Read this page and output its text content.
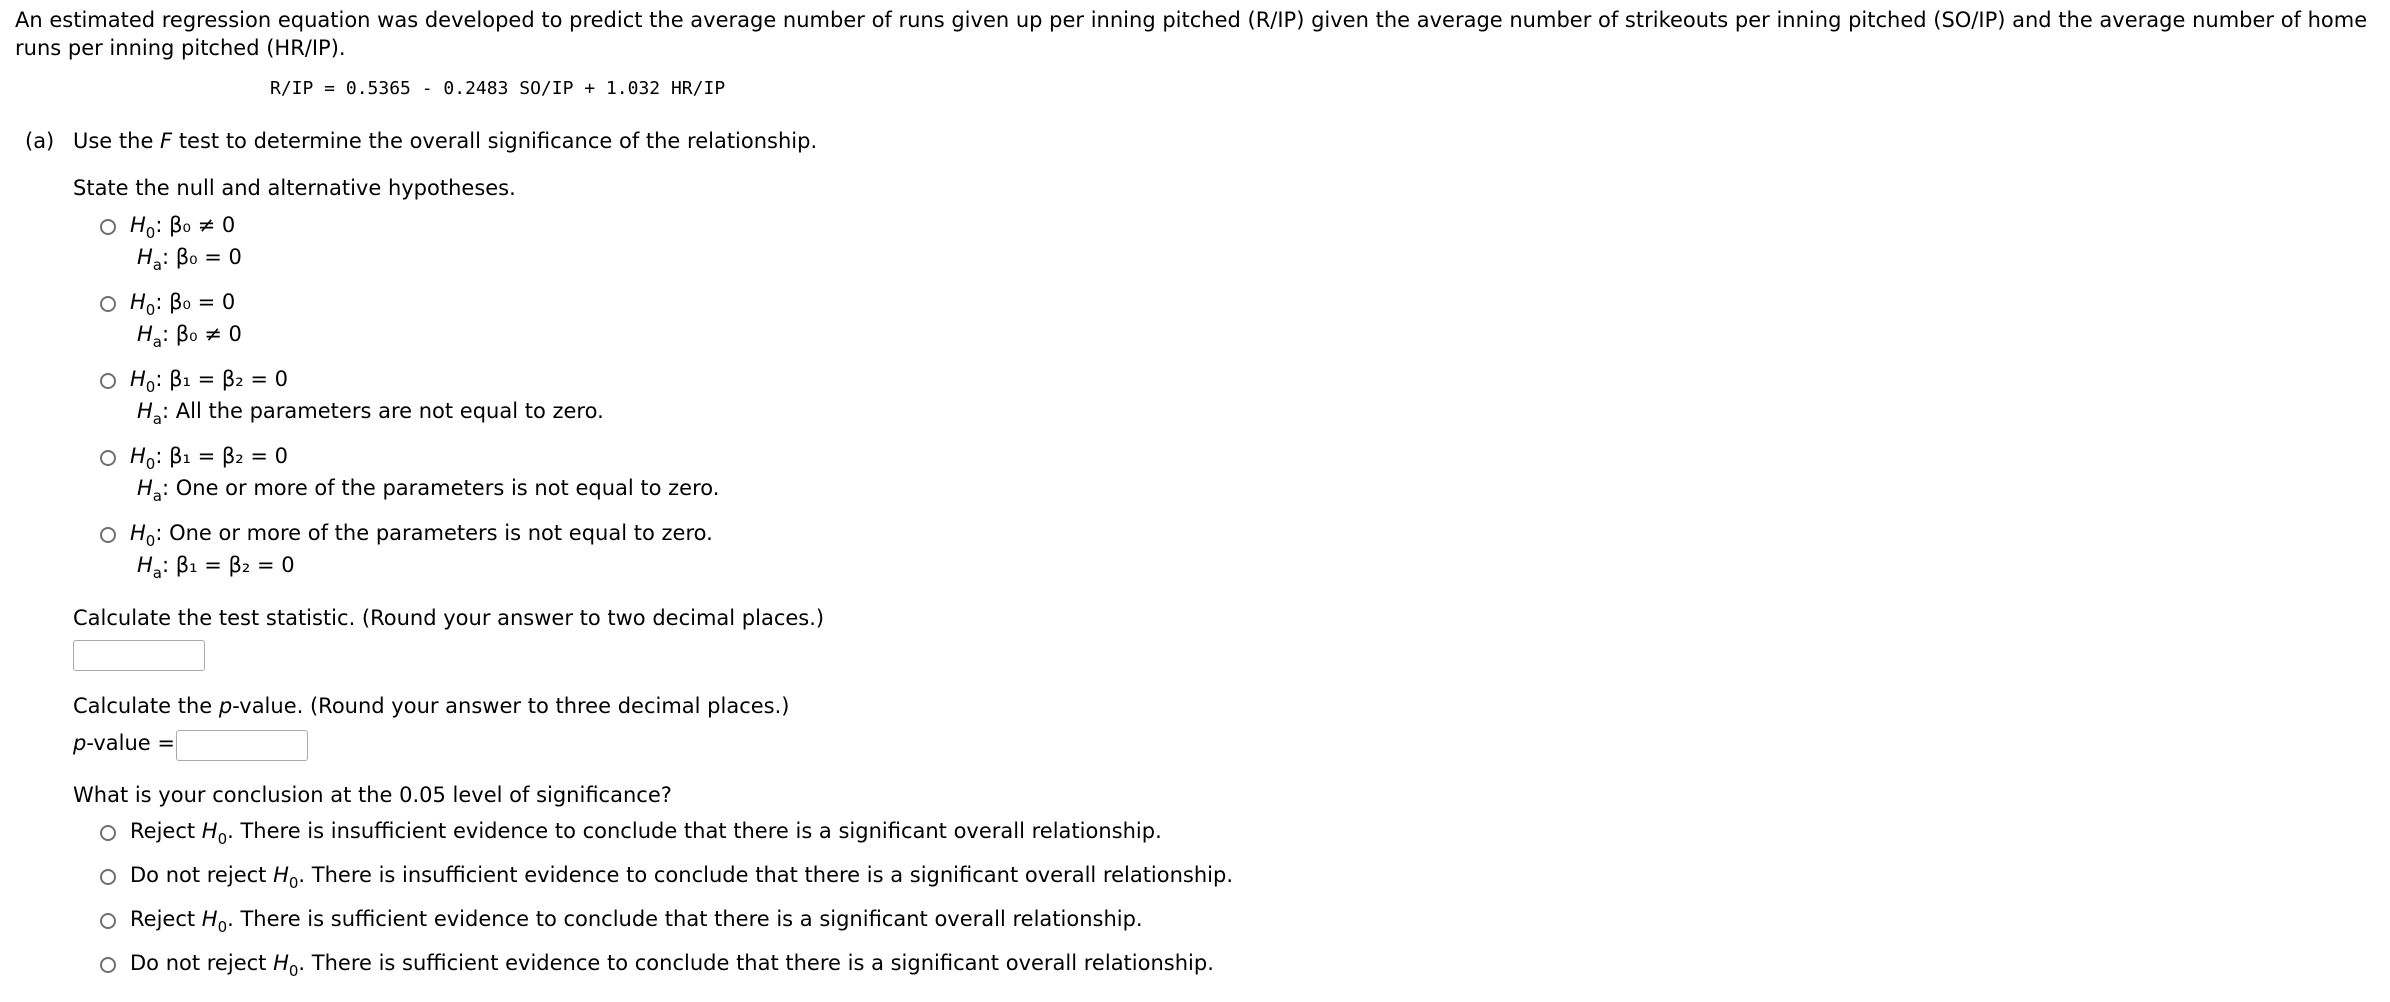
An estimated regression equation was developed to predict the average number of runs given up per inning pitched (R/IP) given the average number of strikeouts per inning pitched (SO/IP) and the average number of home runs per inning pitched (HR/IP).
R/IP = 0.5365 - 0.2483 SO/IP + 1.032 HR/IP
(a) Use the F test to determine the overall significance of the relationship.
State the null and alternative hypotheses.
$H_0$: β₀ ≠ 0
$H_a$: β₀ = 0
$H_0$: β₀ = 0
$H_a$: β₀ ≠ 0
$H_0$: β₁ = β₂ = 0
$H_a$: All the parameters are not equal to zero.
$H_0$: β₁ = β₂ = 0
$H_a$: One or more of the parameters is not equal to zero.
$H_0$: One or more of the parameters is not equal to zero.
$H_a$: β₁ = β₂ = 0
Calculate the test statistic. (Round your answer to two decimal places.)
Calculate the p-value. (Round your answer to three decimal places.)
p-value =
What is your conclusion at the 0.05 level of significance?
Reject $H_0$. There is insufficient evidence to conclude that there is a significant overall relationship.
Do not reject $H_0$. There is insufficient evidence to conclude that there is a significant overall relationship.
Reject $H_0$. There is sufficient evidence to conclude that there is a significant overall relationship.
Do not reject $H_0$. There is sufficient evidence to conclude that there is a significant overall relationship.
